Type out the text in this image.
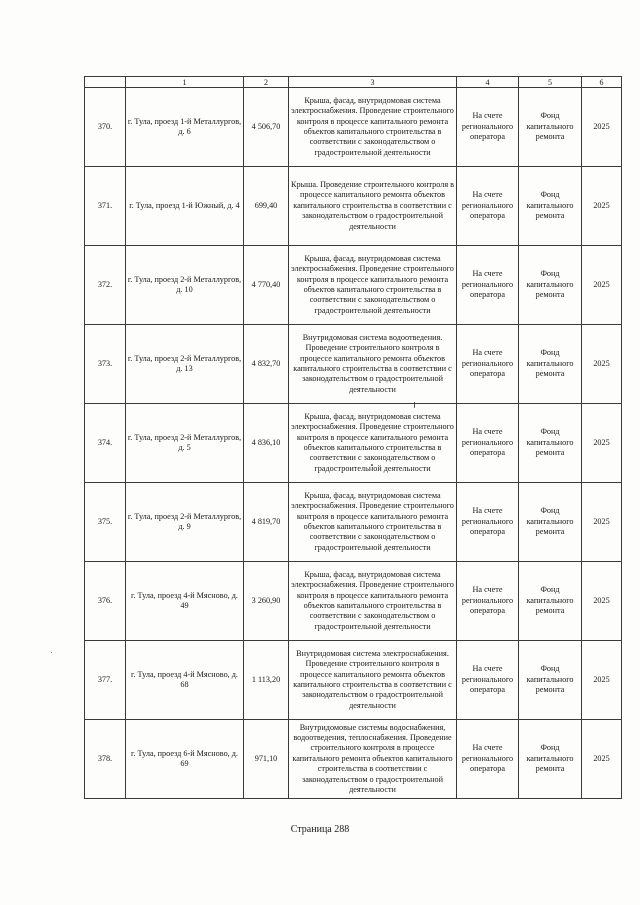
	1	2	3	4	5	6
370.	г. Тула, проезд 1-й Металлургов, д. 6	4 506,70	Крыша, фасад, внутридомовая система электроснабжения. Проведение строительного контроля в процессе капитального ремонта объектов капитального строительства в соответствии с законодательством о градостроительной деятельности	На счете регионального оператора	Фонд капитального ремонта	2025
371.	г. Тула, проезд 1-й Южный, д. 4	699,40	Крыша. Проведение строительного контроля в процессе капитального ремонта объектов капитального строительства в соответствии с законодательством о градостроительной деятельности	На счете регионального оператора	Фонд капитального ремонта	2025
372.	г. Тула, проезд 2-й Металлургов, д. 10	4 770,40	Крыша, фасад, внутридомовая система электроснабжения. Проведение строительного контроля в процессе капитального ремонта объектов капитального строительства в соответствии с законодательством о градостроительной деятельности	На счете регионального оператора	Фонд капитального ремонта	2025
373.	г. Тула, проезд 2-й Металлургов, д. 13	4 832,70	Внутридомовая система водоотведения. Проведение строительного контроля в процессе капитального ремонта объектов капитального строительства в соответствии с законодательством о градостроительной деятельности	На счете регионального оператора	Фонд капитального ремонта	2025
374.	г. Тула, проезд 2-й Металлургов, д. 5	4 836,10	Крыша, фасад, внутридомовая система электроснабжения. Проведение строительного контроля в процессе капитального ремонта объектов капитального строительства в соответствии с законодательством о градостроительной деятельности	На счете регионального оператора	Фонд капитального ремонта	2025
375.	г. Тула, проезд 2-й Металлургов, д. 9	4 819,70	Крыша, фасад, внутридомовая система электроснабжения. Проведение строительного контроля в процессе капитального ремонта объектов капитального строительства в соответствии с законодательством о градостроительной деятельности	На счете регионального оператора	Фонд капитального ремонта	2025
376.	г. Тула, проезд 4-й Мясново, д. 49	3 260,90	Крыша, фасад, внутридомовая система электроснабжения. Проведение строительного контроля в процессе капитального ремонта объектов капитального строительства в соответствии с законодательством о градостроительной деятельности	На счете регионального оператора	Фонд капитального ремонта	2025
377.	г. Тула, проезд 4-й Мясново, д. 68	1 113,20	Внутридомовая система электроснабжения. Проведение строительного контроля в процессе капитального ремонта объектов капитального строительства в соответствии с законодательством о градостроительной деятельности	На счете регионального оператора	Фонд капитального ремонта	2025
378.	г. Тула, проезд 6-й Мясново, д. 69	971,10	Внутридомовые системы водоснабжения, водоотведения, теплоснабжения. Проведение строительного контроля в процессе капитального ремонта объектов капитального строительства в соответствии с законодательством о градостроительной деятельности	На счете регионального оператора	Фонд капитального ремонта	2025
Страница 288
